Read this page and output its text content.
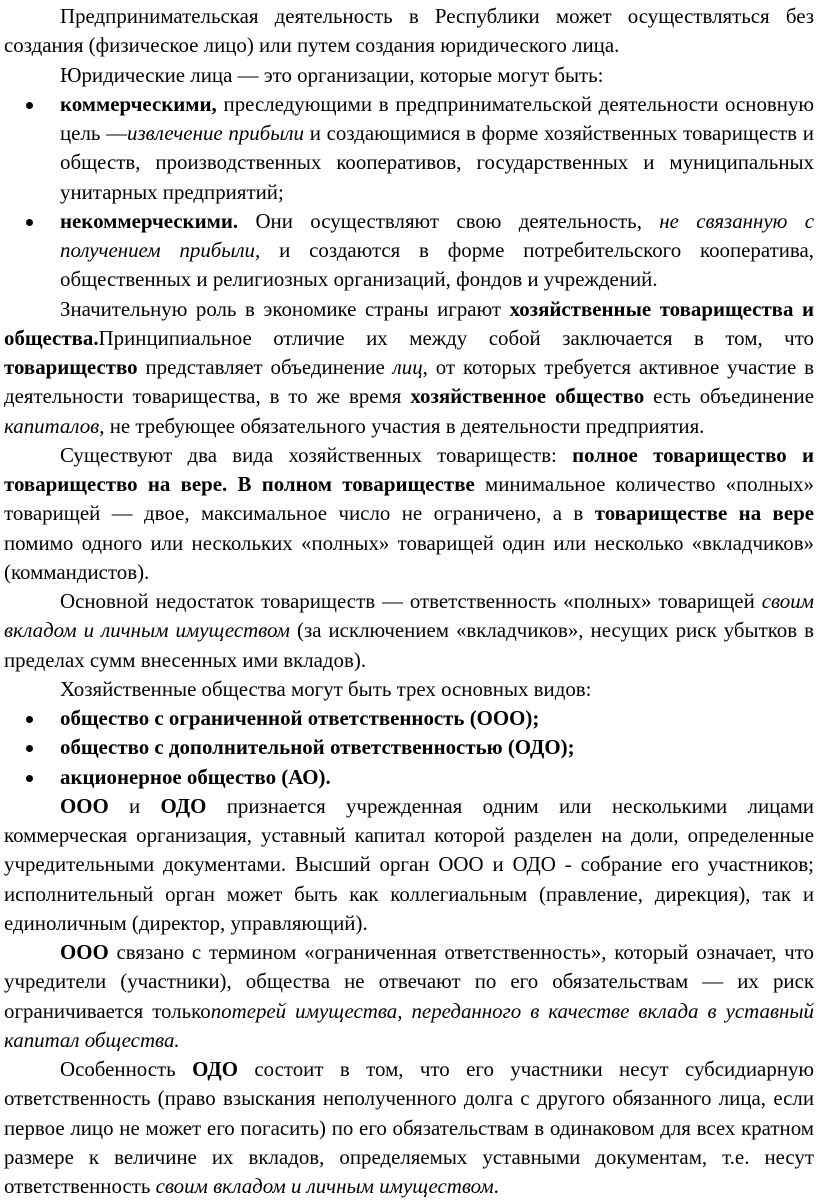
Предпринимательская деятельность в Республики может осуществляться без создания (физическое лицо) или путем создания юридического лица.

Юридические лица — это организации, которые могут быть:

коммерческими, преследующими в предпринимательской деятельности основную цель —извлечение прибыли и создающимися в форме хозяйственных товариществ и обществ, производственных кооперативов, государственных и муниципальных унитарных предприятий;
некоммерческими. Они осуществляют свою деятельность, не связанную с получением прибыли, и создаются в форме потребительского кооператива, общественных и религиозных организаций, фондов и учреждений.

Значительную роль в экономике страны играют хозяйственные товарищества и общества.Принципиальное отличие их между собой заключается в том, что товарищество представляет объединение лиц, от которых требуется активное участие в деятельности товарищества, в то же время хозяйственное общество есть объединение капиталов, не требующее обязательного участия в деятельности предприятия.

Существуют два вида хозяйственных товариществ: полное товарищество и товарищество на вере. В полном товариществе минимальное количество «полных» товарищей — двое, максимальное число не ограничено, а в товариществе на вере помимо одного или нескольких «полных» товарищей один или несколько «вкладчиков» (коммандистов).

Основной недостаток товариществ — ответственность «полных» товарищей своим вкладом и личным имуществом (за исключением «вкладчиков», несущих риск убытков в пределах сумм внесенных ими вкладов).

Хозяйственные общества могут быть трех основных видов:

общество с ограниченной ответственность (ООО);
общество с дополнительной ответственностью (ОДО);
акционерное общество (АО).

ООО и ОДО признается учрежденная одним или несколькими лицами коммерческая организация, уставный капитал которой разделен на доли, определенные учредительными документами. Высший орган ООО и ОДО - собрание его участников; исполнительный орган может быть как коллегиальным (правление, дирекция), так и единоличным (директор, управляющий).

ООО связано с термином «ограниченная ответственность», который означает, что учредители (участники), общества не отвечают по его обязательствам — их риск ограничивается толькопотерей имущества, переданного в качестве вклада в уставный капитал общества.

Особенность ОДО состоит в том, что его участники несут субсидиарную ответственность (право взыскания неполученного долга с другого обязанного лица, если первое лицо не может его погасить) по его обязательствам в одинаковом для всех кратном размере к величине их вкладов, определяемых уставными документам, т.е. несут ответственность своим вкладом и личным имуществом.
